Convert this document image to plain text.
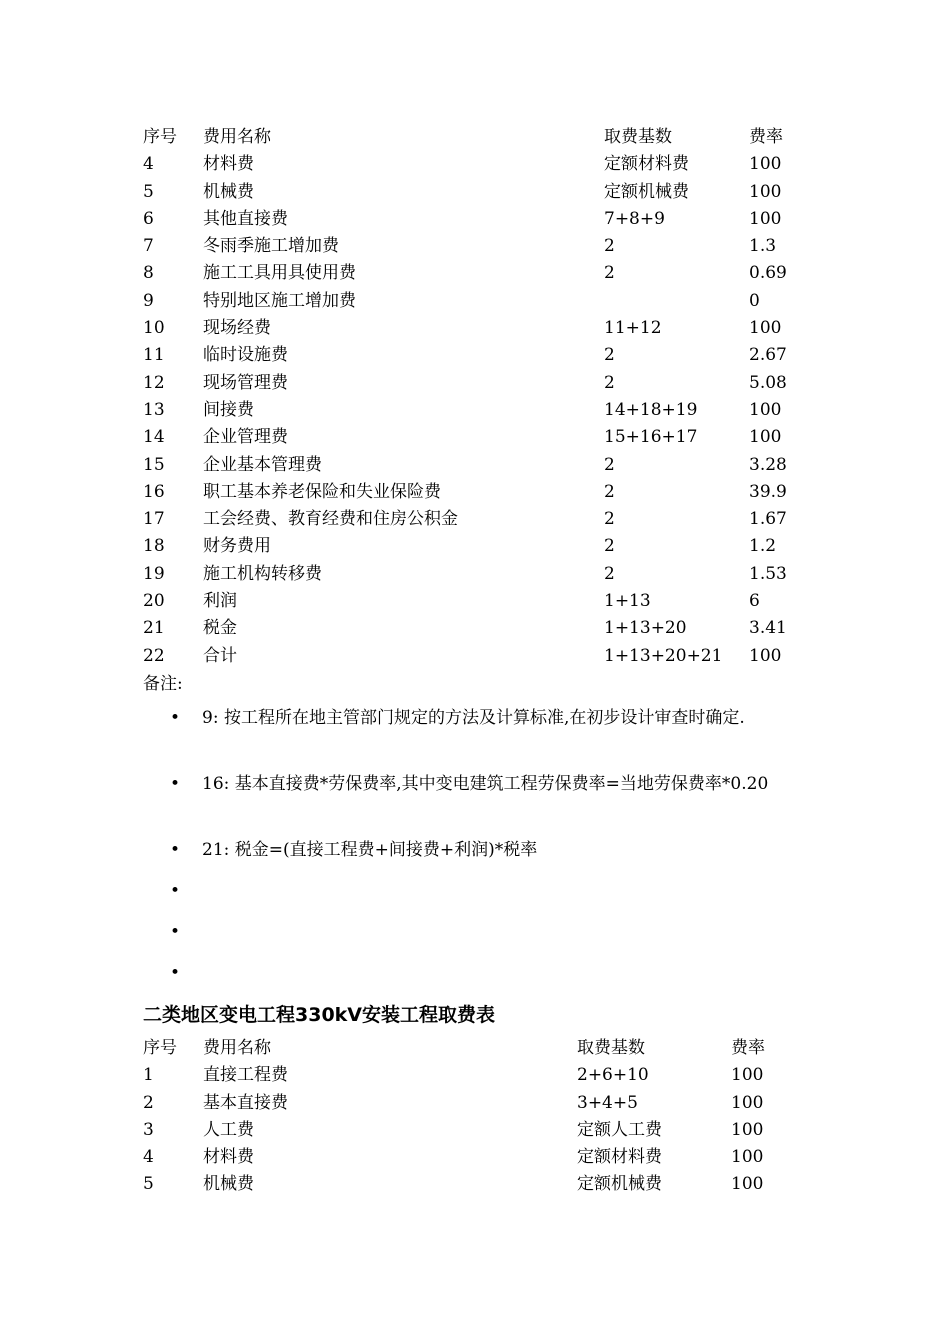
序号	费用名称	取费基数	费率
4	材料费	定额材料费	100
5	机械费	定额机械费	100
6	其他直接费	7+8+9	100
7	冬雨季施工增加费	2	1.3
8	施工工具用具使用费	2	0.69
9	特别地区施工增加费		0
10	现场经费	11+12	100
11	临时设施费	2	2.67
12	现场管理费	2	5.08
13	间接费	14+18+19	100
14	企业管理费	15+16+17	100
15	企业基本管理费	2	3.28
16	职工基本养老保险和失业保险费	2	39.9
17	工会经费、教育经费和住房公积金	2	1.67
18	财务费用	2	1.2
19	施工机构转移费	2	1.53
20	利润	1+13	6
21	税金	1+13+20	3.41
22	合计	1+13+20+21	100
备注:
• 9: 按工程所在地主管部门规定的方法及计算标准,在初步设计审查时确定.
• 16: 基本直接费*劳保费率,其中变电建筑工程劳保费率=当地劳保费率*0.20
• 21: 税金=(直接工程费+间接费+利润)*税率
•
•
•
二类地区变电工程330kV安装工程取费表
序号	费用名称	取费基数	费率
1	直接工程费	2+6+10	100
2	基本直接费	3+4+5	100
3	人工费	定额人工费	100
4	材料费	定额材料费	100
5	机械费	定额机械费	100
